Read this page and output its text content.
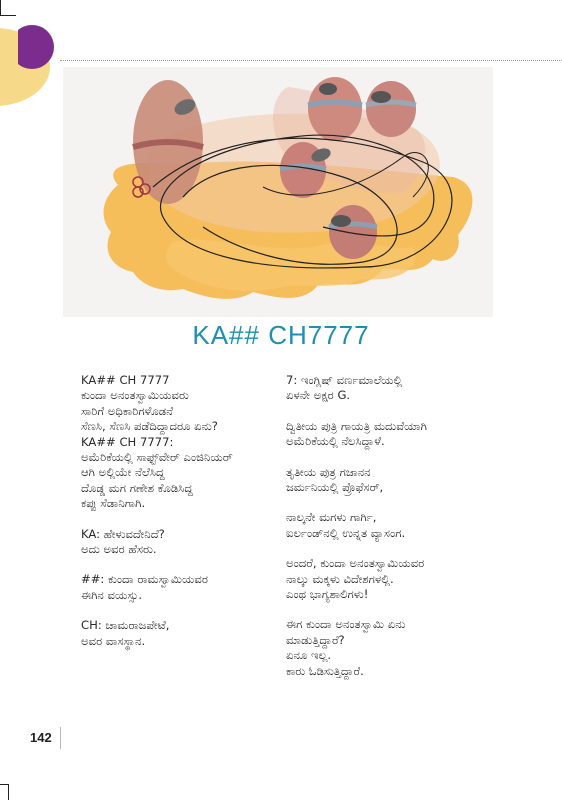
KA## CH7777
KA## CH 7777
ಕುಂದಾ ಅನಂತಸ್ವಾಮಿಯವರು
ಸಾರಿಗೆ ಅಧಿಕಾರಿಗಳೊಡನೆ
ಸೆಣಸಿ, ಸೆಣಸಿ ಪಡೆದಿದ್ದಾದರೂ ಏನು?
KA## CH 7777:
ಅಮೆರಿಕೆಯಲ್ಲಿ ಸಾಫ್ಟ್‌ವೇರ್ ಎಂಜಿನಿಯರ್
ಆಗಿ ಅಲ್ಲಿಯೇ ನೆಲೆಸಿದ್ದ
ದೊಡ್ಡ ಮಗ ಗಣೇಶ ಕೊಡಿಸಿದ್ದ
ಕಪ್ಪು ಸೆಡಾನಿಗಾಗಿ.
KA: ಹೇಳುವದೇನಿದೆ?
ಅದು ಅವರ ಹೆಸರು.
##: ಕುಂದಾ ರಾಮಸ್ವಾಮಿಯವರ
ಈಗಿನ ವಯಸ್ಸು.
CH: ಚಾಮರಾಜಪೇಟೆ,
ಅವರ ವಾಸಸ್ಥಾನ.
7: ಇಂಗ್ಲಿಷ್ ವರ್ಣಮಾಲೆಯಲ್ಲಿ
ಏಳನೇ ಅಕ್ಷರ G.
ದ್ವಿತೀಯ ಪುತ್ರಿ ಗಾಯತ್ರಿ ಮದುವೆಯಾಗಿ
ಅಮೆರಿಕೆಯಲ್ಲಿ ನೆಲಸಿದ್ದಾಳೆ.
ತೃತೀಯ ಪುತ್ರ ಗಜಾನನ
ಜರ್ಮನಿಯಲ್ಲಿ ಪ್ರೊಫೆಸರ್,
ನಾಲ್ಕನೇ ಮಗಳು ಗಾರ್ಗಿ,
ಐರ್ಲಂಡ್‌ನಲ್ಲಿ ಉನ್ನತ ವ್ಯಾಸಂಗ.
ಅಂದರೆ, ಕುಂದಾ ಅನಂತಸ್ವಾಮಿಯವರ
ನಾಲ್ಕು ಮಕ್ಕಳು ವಿದೇಶಗಳಲ್ಲಿ.
ಎಂಥ ಭಾಗ್ಯಶಾಲಿಗಳು!
ಈಗ ಕುಂದಾ ಅನಂತಸ್ವಾಮಿ ಏನು
ಮಾಡುತ್ತಿದ್ದಾರೆ?
ಏನೂ ಇಲ್ಲ.
ಕಾರು ಓಡಿಸುತ್ತಿದ್ದಾರೆ.
142
